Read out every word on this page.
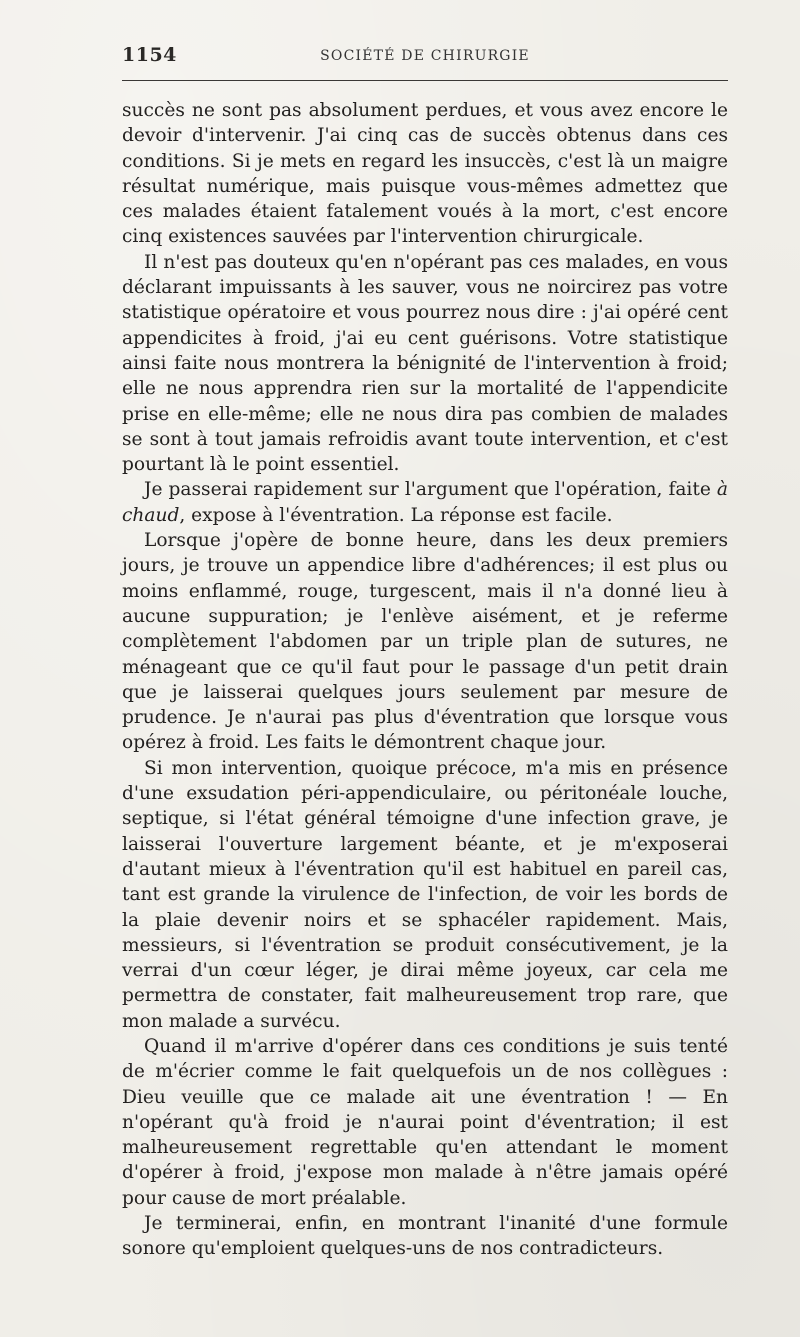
1154	SOCIÉTÉ DE CHIRURGIE

succès ne sont pas absolument perdues, et vous avez encore le devoir d'intervenir. J'ai cinq cas de succès obtenus dans ces conditions. Si je mets en regard les insuccès, c'est là un maigre résultat numérique, mais puisque vous-mêmes admettez que ces malades étaient fatalement voués à la mort, c'est encore cinq existences sauvées par l'intervention chirurgicale.

Il n'est pas douteux qu'en n'opérant pas ces malades, en vous déclarant impuissants à les sauver, vous ne noircirez pas votre statistique opératoire et vous pourrez nous dire : j'ai opéré cent appendicites à froid, j'ai eu cent guérisons. Votre statistique ainsi faite nous montrera la bénignité de l'intervention à froid; elle ne nous apprendra rien sur la mortalité de l'appendicite prise en elle-même; elle ne nous dira pas combien de malades se sont à tout jamais refroidis avant toute intervention, et c'est pourtant là le point essentiel.

Je passerai rapidement sur l'argument que l'opération, faite à chaud, expose à l'éventration. La réponse est facile.

Lorsque j'opère de bonne heure, dans les deux premiers jours, je trouve un appendice libre d'adhérences; il est plus ou moins enflammé, rouge, turgescent, mais il n'a donné lieu à aucune suppuration; je l'enlève aisément, et je referme complètement l'abdomen par un triple plan de sutures, ne ménageant que ce qu'il faut pour le passage d'un petit drain que je laisserai quelques jours seulement par mesure de prudence. Je n'aurai pas plus d'éventration que lorsque vous opérez à froid. Les faits le démontrent chaque jour.

Si mon intervention, quoique précoce, m'a mis en présence d'une exsudation péri-appendiculaire, ou péritonéale louche, septique, si l'état général témoigne d'une infection grave, je laisserai l'ouverture largement béante, et je m'exposerai d'autant mieux à l'éventration qu'il est habituel en pareil cas, tant est grande la virulence de l'infection, de voir les bords de la plaie devenir noirs et se sphacéler rapidement. Mais, messieurs, si l'éventration se produit consécutivement, je la verrai d'un cœur léger, je dirai même joyeux, car cela me permettra de constater, fait malheureusement trop rare, que mon malade a survécu.

Quand il m'arrive d'opérer dans ces conditions je suis tenté de m'écrier comme le fait quelquefois un de nos collègues : Dieu veuille que ce malade ait une éventration ! — En n'opérant qu'à froid je n'aurai point d'éventration; il est malheureusement regrettable qu'en attendant le moment d'opérer à froid, j'expose mon malade à n'être jamais opéré pour cause de mort préalable.

Je terminerai, enfin, en montrant l'inanité d'une formule sonore qu'emploient quelques-uns de nos contradicteurs.
